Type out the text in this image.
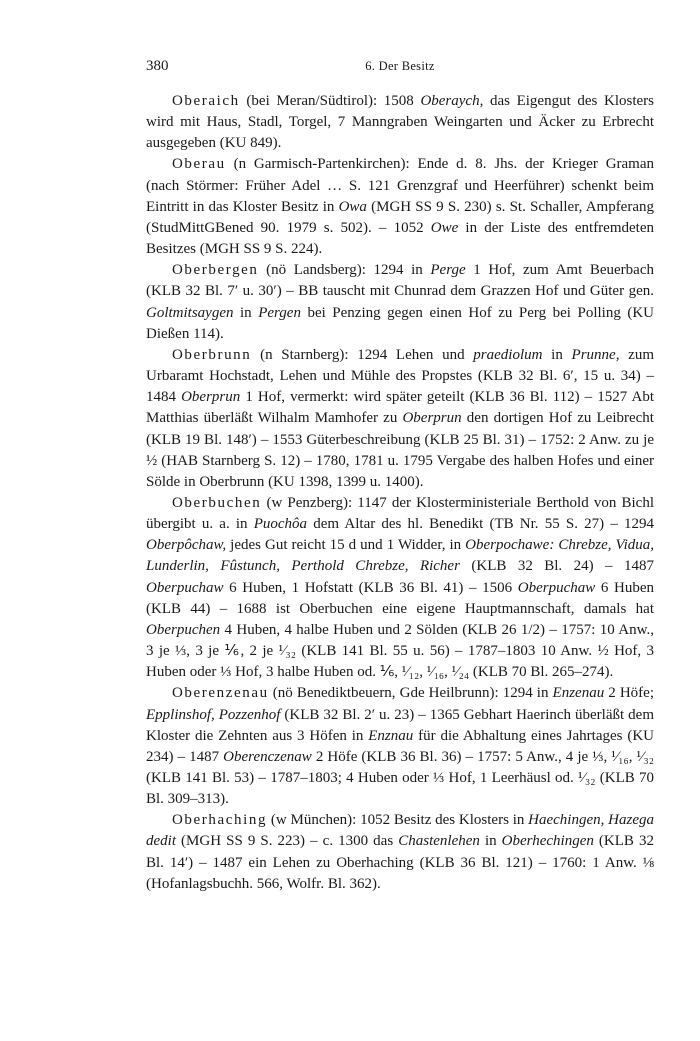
380	6. Der Besitz

Oberaich (bei Meran/Südtirol): 1508 Oberaych, das Eigengut des Klosters wird mit Haus, Stadl, Torgel, 7 Manngraben Weingarten und Äcker zu Erbrecht ausgegeben (KU 849).

Oberau (n Garmisch-Partenkirchen): Ende d. 8. Jhs. der Krieger Graman (nach Störmer: Früher Adel … S. 121 Grenzgraf und Heerführer) schenkt beim Eintritt in das Kloster Besitz in Owa (MGH SS 9 S. 230) s. St. Schaller, Ampferang (StudMittGBened 90. 1979 s. 502). – 1052 Owe in der Liste des entfremdeten Besitzes (MGH SS 9 S. 224).

Oberbergen (nö Landsberg): 1294 in Perge 1 Hof, zum Amt Beuerbach (KLB 32 Bl. 7′ u. 30′) – BB tauscht mit Chunrad dem Grazzen Hof und Güter gen. Goltmitsaygen in Pergen bei Penzing gegen einen Hof zu Perg bei Polling (KU Dießen 114).

Oberbrunn (n Starnberg): 1294 Lehen und praediolum in Prunne, zum Urbaramt Hochstadt, Lehen und Mühle des Propstes (KLB 32 Bl. 6′, 15 u. 34) – 1484 Oberprun 1 Hof, vermerkt: wird später geteilt (KLB 36 Bl. 112) – 1527 Abt Matthias überläßt Wilhalm Mamhofer zu Oberprun den dortigen Hof zu Leibrecht (KLB 19 Bl. 148′) – 1553 Güterbeschreibung (KLB 25 Bl. 31) – 1752: 2 Anw. zu je ½ (HAB Starnberg S. 12) – 1780, 1781 u. 1795 Vergabe des halben Hofes und einer Sölde in Oberbrunn (KU 1398, 1399 u. 1400).

Oberbuchen (w Penzberg): 1147 der Klosterministeriale Berthold von Bichl übergibt u. a. in Puochôa dem Altar des hl. Benedikt (TB Nr. 55 S. 27) – 1294 Oberpôchaw, jedes Gut reicht 15 d und 1 Widder, in Oberpochawe: Chrebze, Vidua, Lunderlin, Fûstunch, Perthold Chrebze, Richer (KLB 32 Bl. 24) – 1487 Oberpuchaw 6 Huben, 1 Hofstatt (KLB 36 Bl. 41) – 1506 Oberpuchaw 6 Huben (KLB 44) – 1688 ist Oberbuchen eine eigene Hauptmannschaft, damals hat Oberpuchen 4 Huben, 4 halbe Huben und 2 Sölden (KLB 26 1/2) – 1757: 10 Anw., 3 je ⅓, 3 je ⅙, 2 je ¹⁄₃₂ (KLB 141 Bl. 55 u. 56) – 1787–1803 10 Anw. ½ Hof, 3 Huben oder ⅓ Hof, 3 halbe Huben od. ⅙, ¹⁄₁₂, ¹⁄₁₆, ¹⁄₂₄ (KLB 70 Bl. 265–274).

Oberenzenau (nö Benediktbeuern, Gde Heilbrunn): 1294 in Enzenau 2 Höfe; Epplinshof, Pozzenhof (KLB 32 Bl. 2′ u. 23) – 1365 Gebhart Haerinch überläßt dem Kloster die Zehnten aus 3 Höfen in Enznau für die Abhaltung eines Jahrtages (KU 234) – 1487 Oberenczenaw 2 Höfe (KLB 36 Bl. 36) – 1757: 5 Anw., 4 je ⅓, ¹⁄₁₆, ¹⁄₃₂ (KLB 141 Bl. 53) – 1787–1803; 4 Huben oder ⅓ Hof, 1 Leerhäusl od. ¹⁄₃₂ (KLB 70 Bl. 309–313).

Oberhaching (w München): 1052 Besitz des Klosters in Haechingen, Hazega dedit (MGH SS 9 S. 223) – c. 1300 das Chastenlehen in Oberhechingen (KLB 32 Bl. 14′) – 1487 ein Lehen zu Oberhaching (KLB 36 Bl. 121) – 1760: 1 Anw. ⅛ (Hofanlagsbuchh. 566, Wolfr. Bl. 362).
